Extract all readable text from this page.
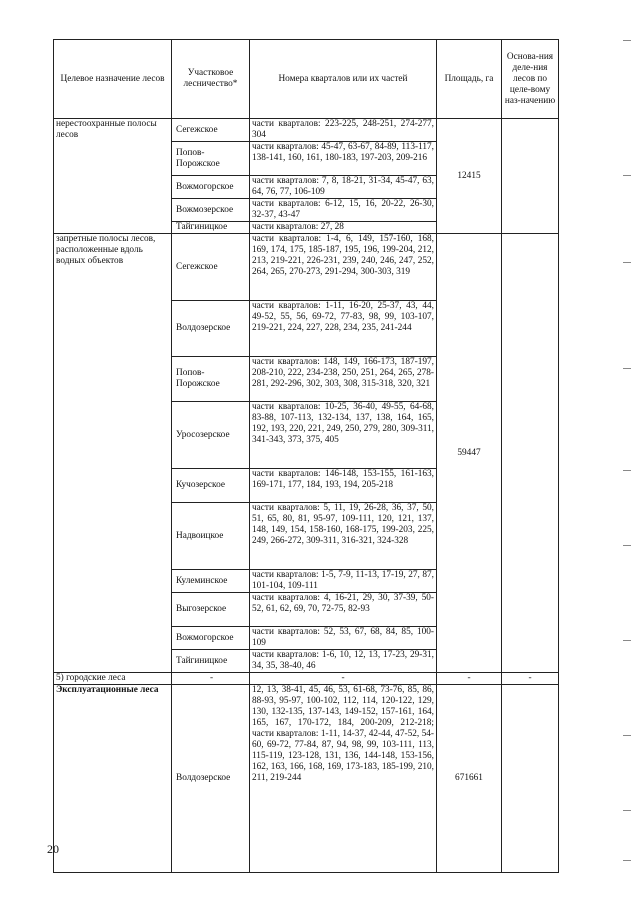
Целевое назначение лесов	Участковое лесничество*	Номера кварталов или их частей	Площадь, га	Основа-ния деле-ния лесов по целе-вому наз-начению
нерестоохранные полосы лесов	Сегежское	части кварталов: 223-225, 248-251, 274-277, 304	12415	
	Попов-Порожское	части кварталов: 45-47, 63-67, 84-89, 113-117, 138-141, 160, 161, 180-183, 197-203, 209-216		
	Вожмогорское	части кварталов: 7, 8, 18-21, 31-34, 45-47, 63, 64, 76, 77, 106-109		
	Вожмозерское	части кварталов: 6-12, 15, 16, 20-22, 26-30, 32-37, 43-47		
	Тайгиницкое	части кварталов: 27, 28		
запретные полосы лесов, расположенные вдоль водных объектов	Сегежское	части кварталов: 1-4, 6, 149, 157-160, 168, 169, 174, 175, 185-187, 195, 196, 199-204, 212, 213, 219-221, 226-231, 239, 240, 246, 247, 252, 264, 265, 270-273, 291-294, 300-303, 319	59447	
	Волдозерское	части кварталов: 1-11, 16-20, 25-37, 43, 44, 49-52, 55, 56, 69-72, 77-83, 98, 99, 103-107, 219-221, 224, 227, 228, 234, 235, 241-244		
	Попов-Порожское	части кварталов: 148, 149, 166-173, 187-197, 208-210, 222, 234-238, 250, 251, 264, 265, 278-281, 292-296, 302, 303, 308, 315-318, 320, 321		
	Уросозерское	части кварталов: 10-25, 36-40, 49-55, 64-68, 83-88, 107-113, 132-134, 137, 138, 164, 165, 192, 193, 220, 221, 249, 250, 279, 280, 309-311, 341-343, 373, 375, 405		
	Кучозерское	части кварталов: 146-148, 153-155, 161-163, 169-171, 177, 184, 193, 194, 205-218		
	Надвоицкое	части кварталов: 5, 11, 19, 26-28, 36, 37, 50, 51, 65, 80, 81, 95-97, 109-111, 120, 121, 137, 148, 149, 154, 158-160, 168-175, 199-203, 225, 249, 266-272, 309-311, 316-321, 324-328		
	Кулеминское	части кварталов: 1-5, 7-9, 11-13, 17-19, 27, 87, 101-104, 109-111		
	Выгозерское	части кварталов: 4, 16-21, 29, 30, 37-39, 50-52, 61, 62, 69, 70, 72-75, 82-93		
	Вожмогорское	части кварталов: 52, 53, 67, 68, 84, 85, 100-109		
	Тайгиницкое	части кварталов: 1-6, 10, 12, 13, 17-23, 29-31, 34, 35, 38-40, 46		
5) городские леса	-	-	-	-
Эксплуатационные леса	Волдозерское	12, 13, 38-41, 45, 46, 53, 61-68, 73-76, 85, 86, 88-93, 95-97, 100-102, 112, 114, 120-122, 129, 130, 132-135, 137-143, 149-152, 157-161, 164, 165, 167, 170-172, 184, 200-209, 212-218; части кварталов: 1-11, 14-37, 42-44, 47-52, 54-60, 69-72, 77-84, 87, 94, 98, 99, 103-111, 113, 115-119, 123-128, 131, 136, 144-148, 153-156, 162, 163, 166, 168, 169, 173-183, 185-199, 210, 211, 219-244	671661	
20
